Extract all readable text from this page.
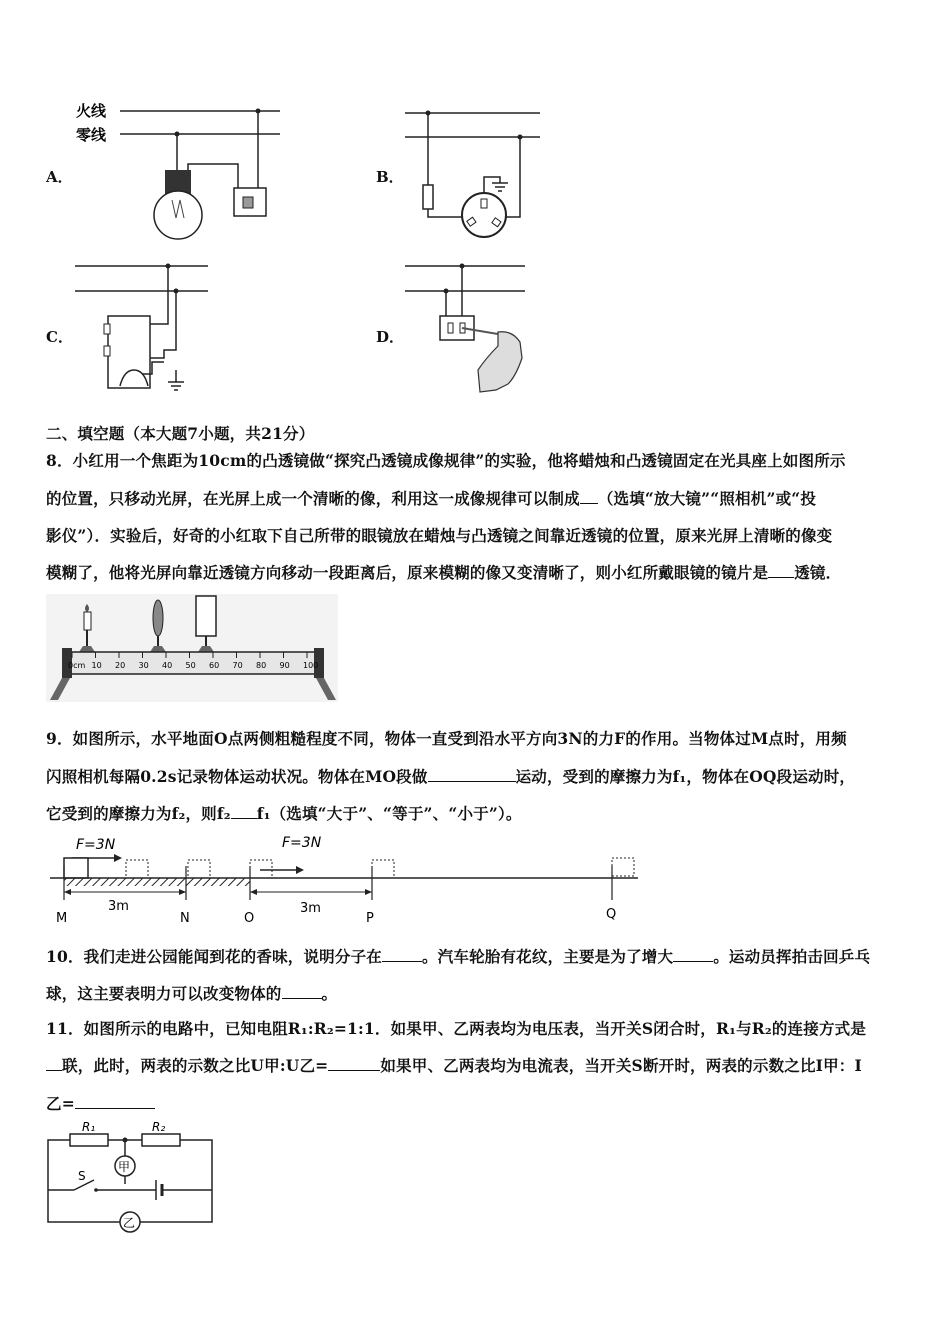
A．
火线
零线
B．
C．	D．
二、填空题（本大题7小题，共21分）
8．小红用一个焦距为10cm的凸透镜做“探究凸透镜成像规律”的实验，他将蜡烛和凸透镜固定在光具座上如图所示
的位置，只移动光屏，在光屏上成一个清晰的像，利用这一成像规律可以制成 （选填“放大镜”“照相机”或“投
影仪”）．实验后，好奇的小红取下自己所带的眼镜放在蜡烛与凸透镜之间靠近透镜的位置，原来光屏上清晰的像变
模糊了，他将光屏向靠近透镜方向移动一段距离后，原来模糊的像又变清晰了，则小红所戴眼镜的镜片是 透镜．
0cm 10 20 30 40 50 60 70 80 90 100
9．如图所示，水平地面O点两侧粗糙程度不同，物体一直受到沿水平方向3N的力F的作用。当物体过M点时，用频
闪照相机每隔0.2s记录物体运动状况。物体在MO段做	运动，受到的摩擦力为f₁，物体在OQ段运动时，
它受到的摩擦力为f₂，则f₂ f₁（选填“大于”、“等于”、“小于”）。
F=3N	F=3N
3m	3m
M	N	O	P	Q
10．我们走进公园能闻到花的香味，说明分子在	。汽车轮胎有花纹，主要是为了增大	。运动员挥拍击回乒乓
球，这主要表明力可以改变物体的	。
11．如图所示的电路中，已知电阻R₁:R₂=1:1．如果甲、乙两表均为电压表，当开关S闭合时，R₁与R₂的连接方式是
联，此时，两表的示数之比U甲:U乙=	如果甲、乙两表均为电流表，当开关S断开时，两表的示数之比I甲：I
乙=
R₁	R₂
甲
S
乙
